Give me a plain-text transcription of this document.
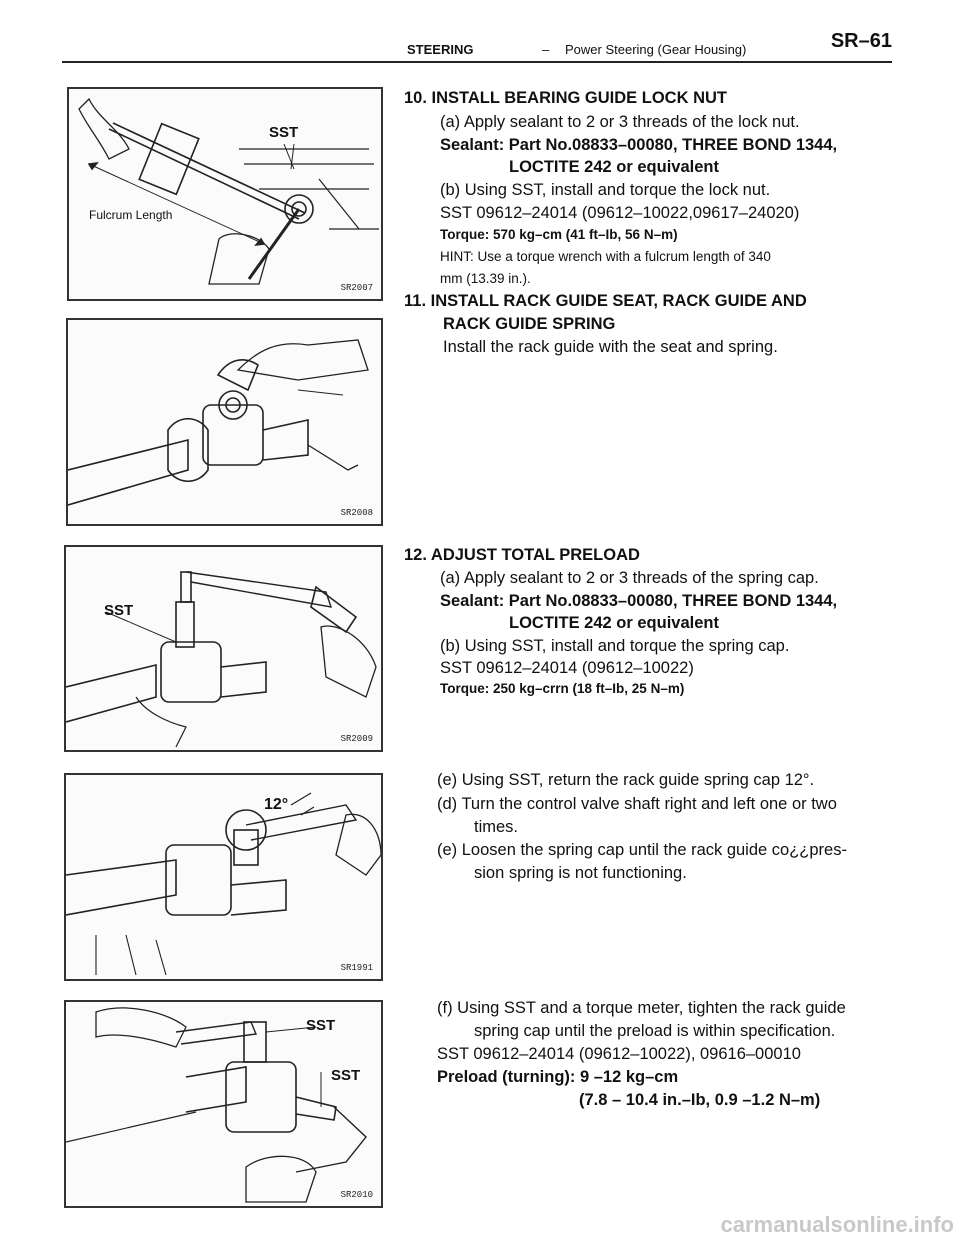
STEERING	– Power Steering (Gear Housing)	SR–61
SST
Fulcrum Length
SR2007
SR2008
SST
SR2009
12°
SR1991
SST
SST
SR2010
10. INSTALL BEARING GUIDE LOCK NUT
(a) Apply sealant to 2 or 3 threads of the lock nut.
Sealant: Part No.08833–00080, THREE BOND 1344,
LOCTITE 242 or equivalent
(b) Using SST, install and torque the lock nut.
SST 09612–24014 (09612–10022,09617–24020)
Torque: 570 kg–cm (41 ft–Ib, 56 N–m)
HINT: Use a torque wrench with a fulcrum length of 340
mm (13.39 in.).
11. INSTALL RACK GUIDE SEAT, RACK GUIDE AND
RACK GUIDE SPRING
Install the rack guide with the seat and spring.
12. ADJUST TOTAL PRELOAD
(a) Apply sealant to 2 or 3 threads of the spring cap.
Sealant: Part No.08833–00080, THREE BOND 1344,
LOCTITE 242 or equivalent
(b) Using SST, install and torque the spring cap.
SST 09612–24014 (09612–10022)
Torque: 250 kg–crrn (18 ft–Ib, 25 N–m)
(e) Using SST, return the rack guide spring cap 12°.
(d) Turn the control valve shaft right and left one or two
times.
(e) Loosen the spring cap until the rack guide co¿¿pres-
sion spring is not functioning.
(f) Using SST and a torque meter, tighten the rack guide
spring cap until the preload is within specification.
SST 09612–24014 (09612–10022), 09616–00010
Preload (turning): 9 –12 kg–cm
(7.8 – 10.4 in.–Ib, 0.9 –1.2 N–m)
carmanualsonline.info
